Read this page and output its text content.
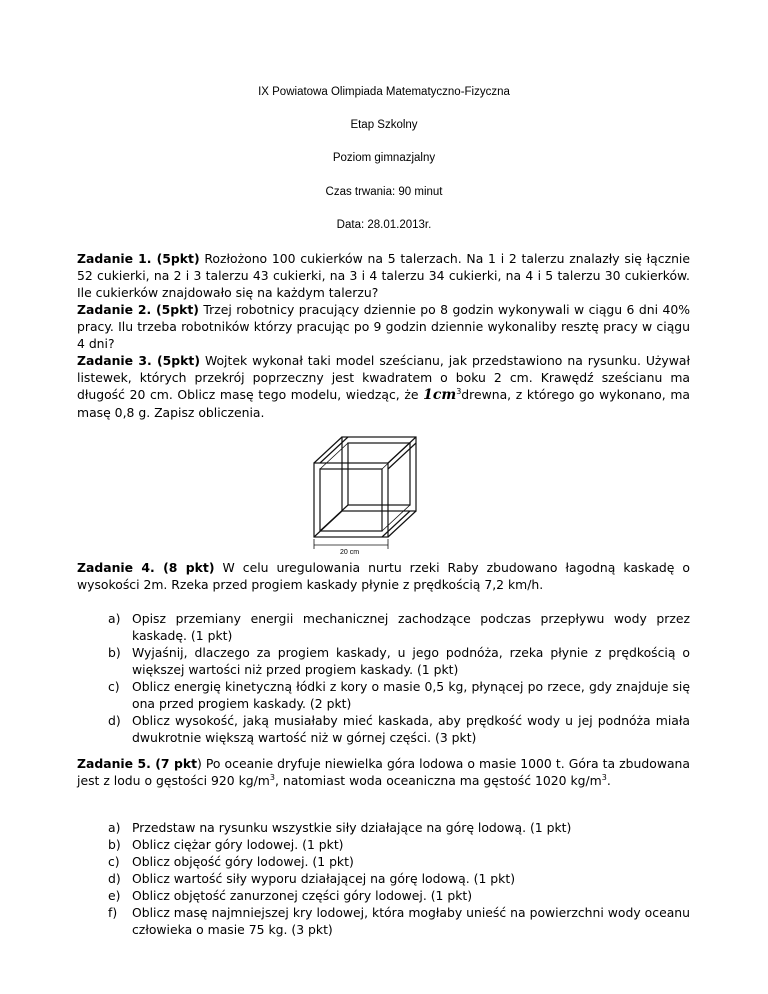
IX Powiatowa Olimpiada Matematyczno-Fizyczna
Etap Szkolny
Poziom gimnazjalny
Czas trwania: 90 minut
Data: 28.01.2013r.
Zadanie 1. (5pkt) Rozłożono 100 cukierków na 5 talerzach. Na 1 i 2 talerzu znalazły się łącznie 52 cukierki, na 2 i 3 talerzu 43 cukierki, na 3 i 4 talerzu 34 cukierki, na 4 i 5 talerzu 30 cukierków. Ile cukierków znajdowało się na każdym talerzu?
Zadanie 2. (5pkt) Trzej robotnicy pracujący dziennie po 8 godzin wykonywali w ciągu 6 dni 40% pracy. Ilu trzeba robotników którzy pracując po 9 godzin dziennie wykonaliby resztę pracy w ciągu 4 dni?
Zadanie 3. (5pkt) Wojtek wykonał taki model sześcianu, jak przedstawiono na rysunku. Używał listewek, których przekrój poprzeczny jest kwadratem o boku 2 cm. Krawędź sześcianu ma długość 20 cm. Oblicz masę tego modelu, wiedząc, że $1cm^3drewna$, z którego go wykonano, ma masę 0,8 g. Zapisz obliczenia.
20 cm
Zadanie 4. (8 pkt) W celu uregulowania nurtu rzeki Raby zbudowano łagodną kaskadę o wysokości 2m. Rzeka przed progiem kaskady płynie z prędkością 7,2 km/h.
a) Opisz przemiany energii mechanicznej zachodzące podczas przepływu wody przez kaskadę. (1 pkt)
b) Wyjaśnij, dlaczego za progiem kaskady, u jego podnóża, rzeka płynie z prędkością o większej wartości niż przed progiem kaskady. (1 pkt)
c) Oblicz energię kinetyczną łódki z kory o masie 0,5 kg, płynącej po rzece, gdy znajduje się ona przed progiem kaskady. (2 pkt)
d) Oblicz wysokość, jaką musiałaby mieć kaskada, aby prędkość wody u jej podnóża miała dwukrotnie większą wartość niż w górnej części. (3 pkt)
Zadanie 5. (7 pkt) Po oceanie dryfuje niewielka góra lodowa o masie 1000 t. Góra ta zbudowana jest z lodu o gęstości 920 $kg/m^3$, natomiast woda oceaniczna ma gęstość 1020 $kg/m^3$.
a) Przedstaw na rysunku wszystkie siły działające na górę lodową. (1 pkt)
b) Oblicz ciężar góry lodowej. (1 pkt)
c) Oblicz objęość góry lodowej. (1 pkt)
d) Oblicz wartość siły wyporu działającej na górę lodową. (1 pkt)
e) Oblicz objętość zanurzonej części góry lodowej. (1 pkt)
f) Oblicz masę najmniejszej kry lodowej, która mogłaby unieść na powierzchni wody oceanu człowieka o masie 75 kg. (3 pkt)
